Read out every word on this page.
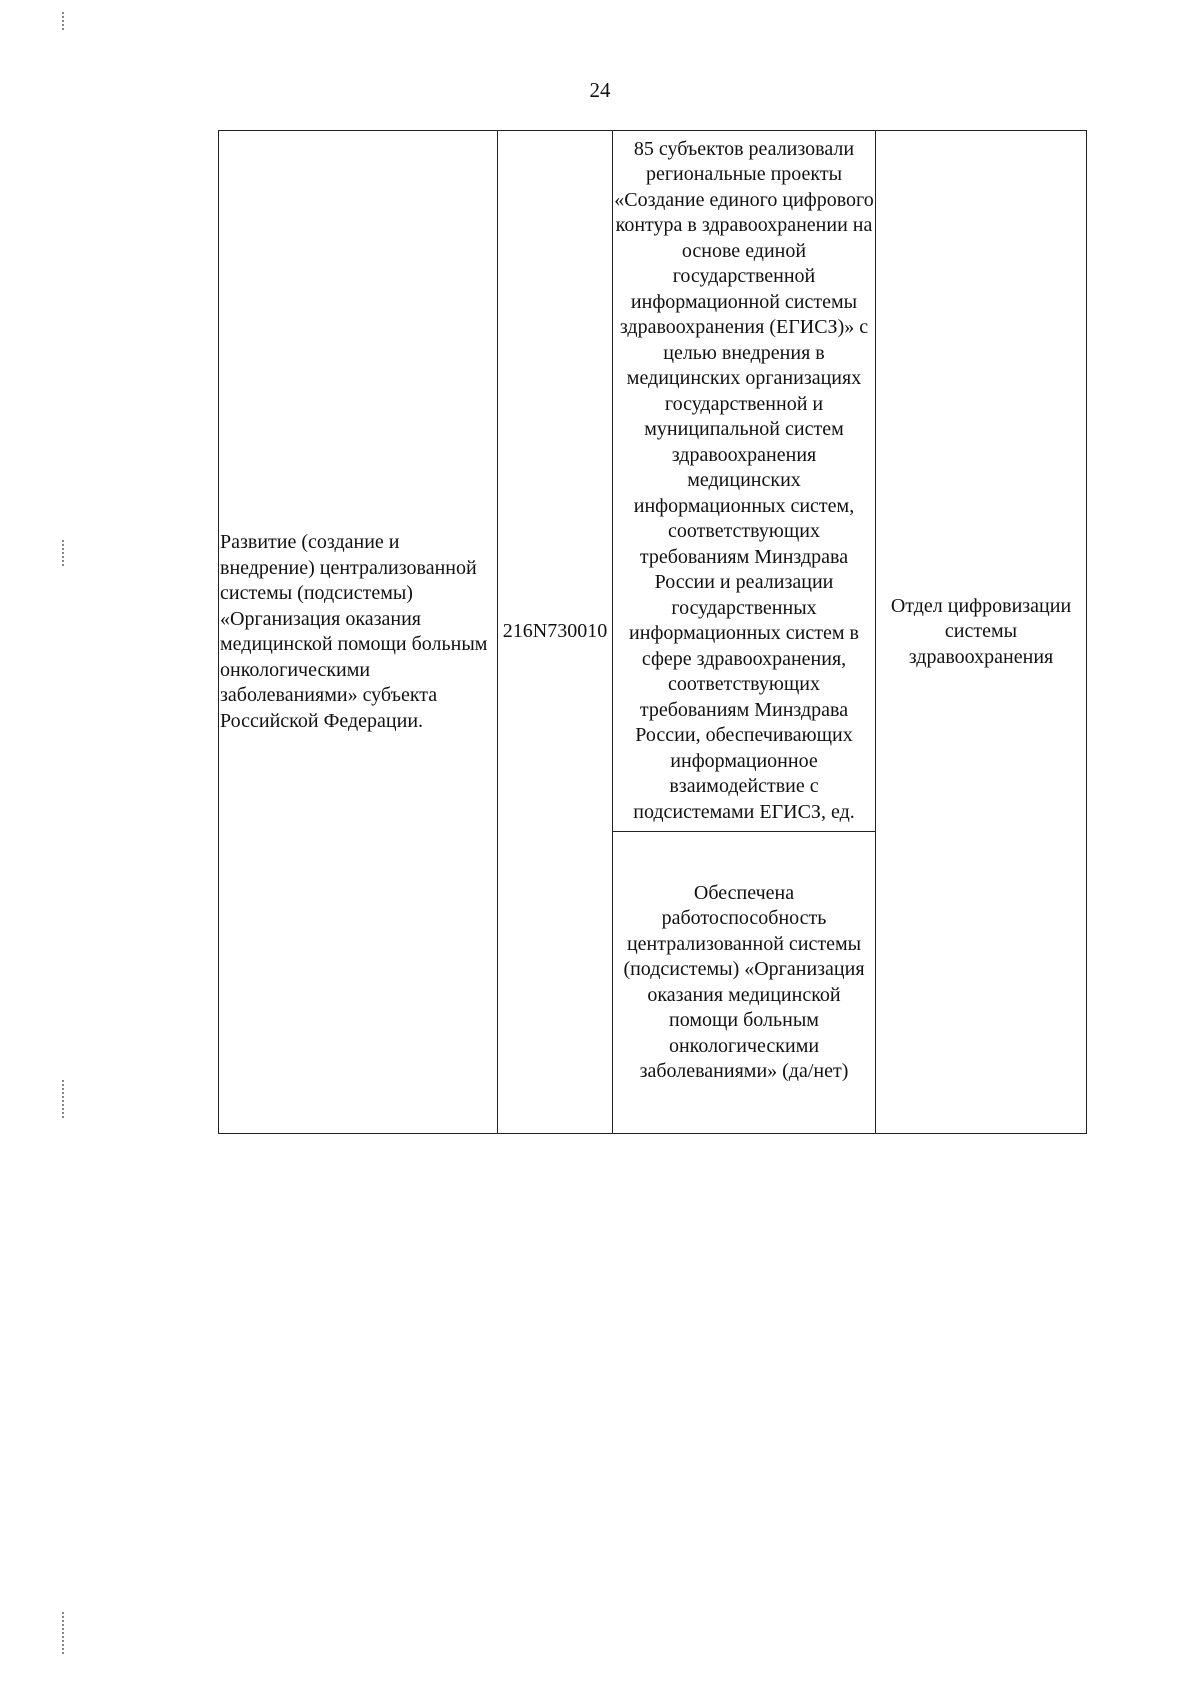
24
Развитие (создание и внедрение) централизованной системы (подсистемы) «Организация оказания медицинской помощи больным онкологическими заболеваниями» субъекта Российской Федерации.	216N730010	85 субъектов реализовали региональные проекты «Создание единого цифрового контура в здравоохранении на основе единой государственной информационной системы здравоохранения (ЕГИСЗ)» с целью внедрения в медицинских организациях государственной и муниципальной систем здравоохранения медицинских информационных систем, соответствующих требованиям Минздрава России и реализации государственных информационных систем в сфере здравоохранения, соответствующих требованиям Минздрава России, обеспечивающих информационное взаимодействие с подсистемами ЕГИСЗ, ед.	Отдел цифровизации системы здравоохранения
Обеспечена работоспособность централизованной системы (подсистемы) «Организация оказания медицинской помощи больным онкологическими заболеваниями» (да/нет)
